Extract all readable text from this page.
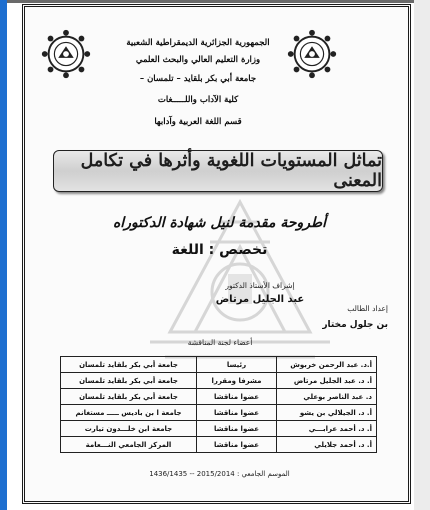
الجمهورية الجزائرية الديمقراطية الشعبية
وزارة التعليم العالي والبحث العلمي
جامعة أبي بكر بلقايد – تلمسان –
كلية الآداب واللـــــغات
قسم اللغة العربية وآدابها
تماثل المستويات اللغوية وأثرها في تكامل المعنى
أطروحة مقدمة لنيل شهادة الدكتوراه
تخصص : اللغة
إشراف الأستاذ الدكتور
عبد الجليل مرتاض
إعداد الطالب
بن جلول مختار
أعضاء لجنة المناقشة
أ.د. عبد الرحمن خربوش	رئيسا	جامعة أبي بكر بلقايد تلمسان
أ. د. عبد الجليل مرتاض	مشرفا ومقررا	جامعة أبي بكر بلقايد تلمسان
د. عبد الناصر بوعلي	عضوا مناقشا	جامعة أبي بكر بلقايد تلمسان
أ. د. الجيلالي بن يشو	عضوا مناقشا	جامعة ا بن باديس ـــــ مستغانم
أ. د. أحمد عرابـــي	عضوا مناقشا	جامعة ابن خلـــدون تيارت
أ. د. أحمد جلايلي	عضوا مناقشا	المركز الجامعي النـــعامة
الموسم الجامعي : 2015/2014 -- 1436/1435
